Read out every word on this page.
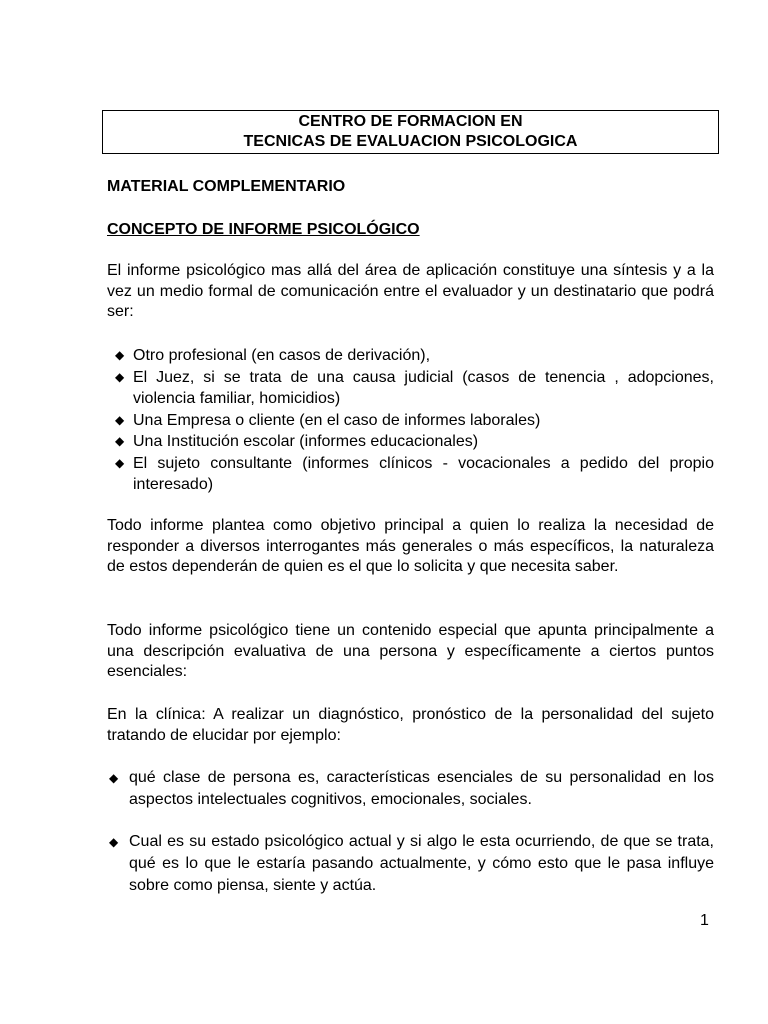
CENTRO DE FORMACION EN
TECNICAS DE EVALUACION PSICOLOGICA
MATERIAL COMPLEMENTARIO
CONCEPTO DE INFORME PSICOLÓGICO
El informe psicológico mas allá del área de aplicación constituye una síntesis y a la vez un medio formal de comunicación entre el evaluador y un destinatario que podrá ser:
◆ Otro profesional (en casos de derivación),
◆ El Juez, si se trata de una causa judicial (casos de tenencia , adopciones, violencia familiar, homicidios)
◆ Una Empresa o cliente (en el caso de informes laborales)
◆ Una Institución escolar (informes educacionales)
◆ El sujeto consultante (informes clínicos - vocacionales a pedido del propio interesado)
Todo informe plantea como objetivo principal a quien lo realiza la necesidad de responder a diversos interrogantes más generales o más específicos, la naturaleza de estos dependerán de quien es el que lo solicita y que necesita saber.
Todo informe psicológico tiene un contenido especial que apunta principalmente a una descripción evaluativa de una persona y específicamente a ciertos puntos esenciales:
En la clínica: A realizar un diagnóstico, pronóstico de la personalidad del sujeto tratando de elucidar por ejemplo:
◆ qué clase de persona es, características esenciales de su personalidad en los aspectos intelectuales cognitivos, emocionales, sociales.
◆ Cual es su estado psicológico actual y si algo le esta ocurriendo, de que se trata, qué es lo que le estaría pasando actualmente, y cómo esto que le pasa influye sobre como piensa, siente y actúa.
1
